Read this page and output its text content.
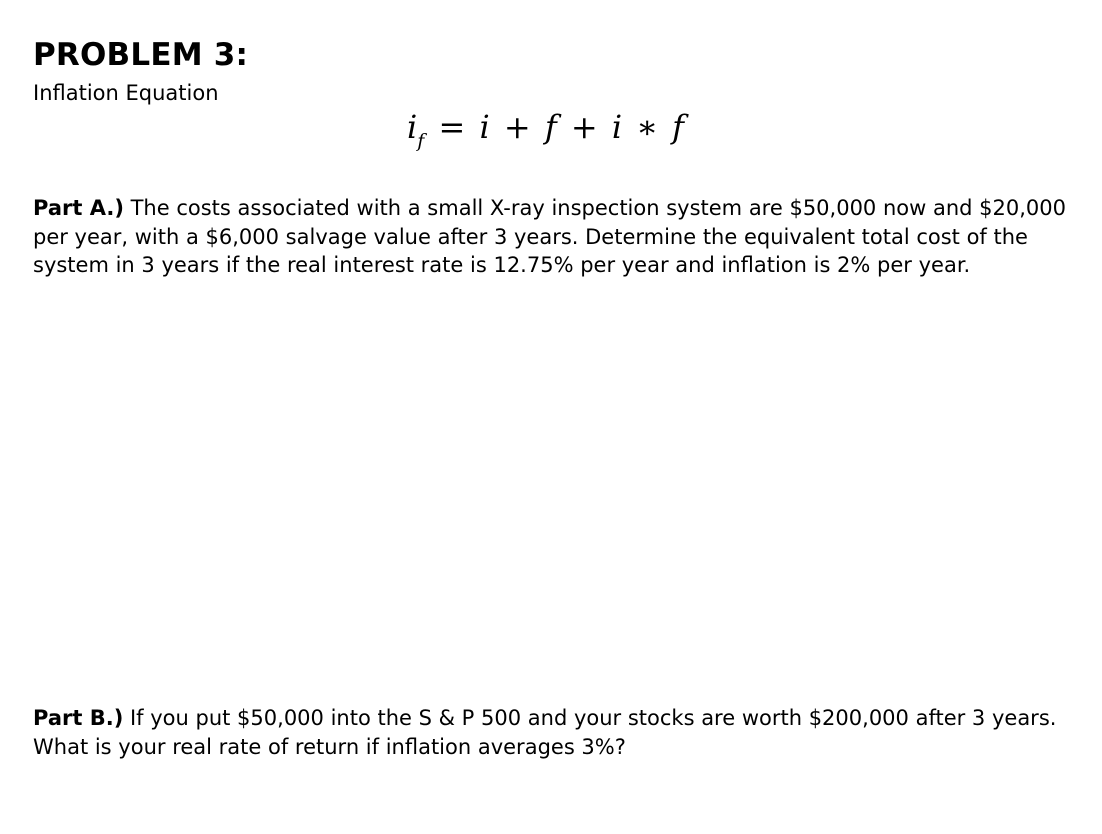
PROBLEM 3:

Inflation Equation

$i_f = i + f + i$ ∗ f

Part A.) The costs associated with a small X-ray inspection system are $50,000 now and $20,000 per year, with a $6,000 salvage value after 3 years. Determine the equivalent total cost of the system in 3 years if the real interest rate is 12.75% per year and inflation is 2% per year.

Part B.) If you put $50,000 into the S & P 500 and your stocks are worth $200,000 after 3 years. What is your real rate of return if inflation averages 3%?
